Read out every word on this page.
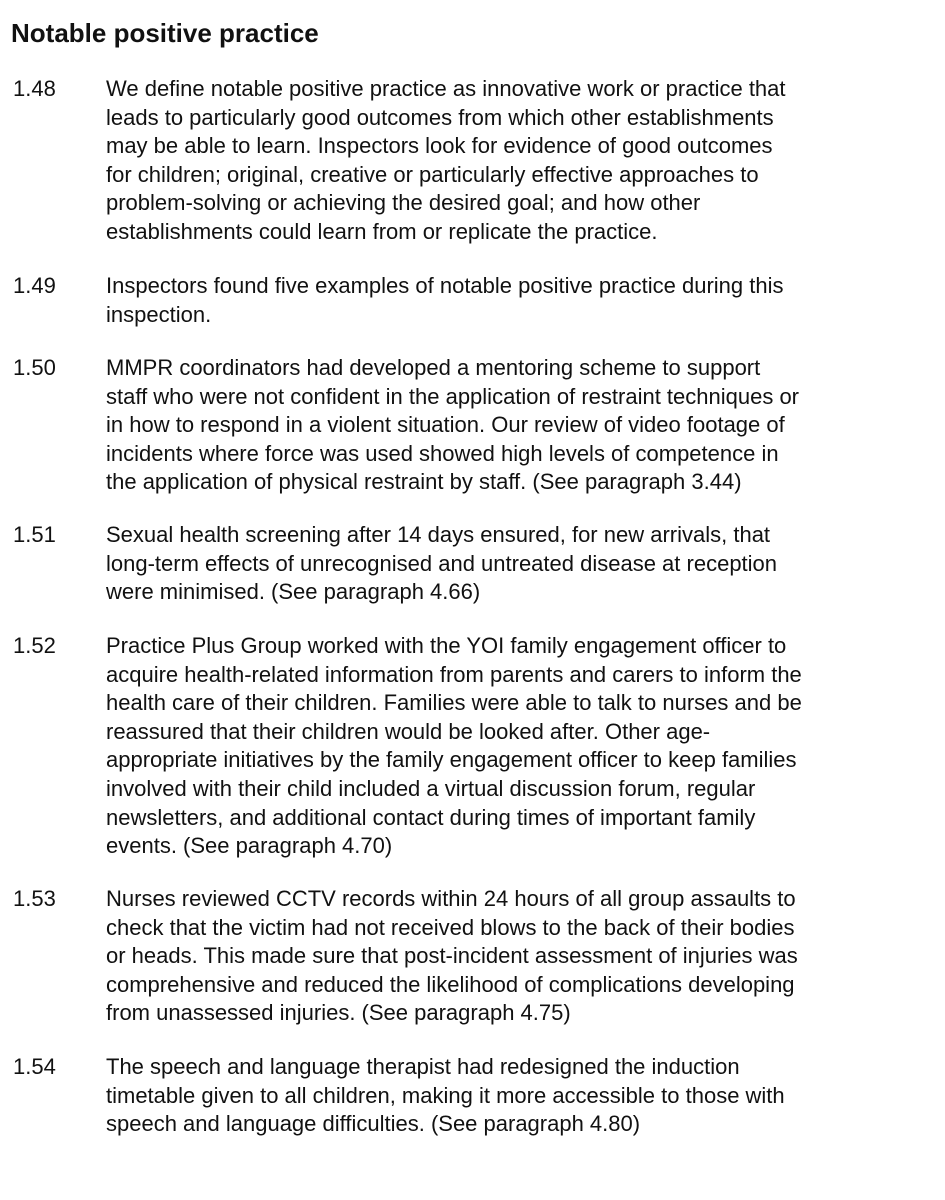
Notable positive practice
1.48 We define notable positive practice as innovative work or practice that
leads to particularly good outcomes from which other establishments
may be able to learn. Inspectors look for evidence of good outcomes
for children; original, creative or particularly effective approaches to
problem-solving or achieving the desired goal; and how other
establishments could learn from or replicate the practice.
1.49 Inspectors found five examples of notable positive practice during this
inspection.
1.50 MMPR coordinators had developed a mentoring scheme to support
staff who were not confident in the application of restraint techniques or
in how to respond in a violent situation. Our review of video footage of
incidents where force was used showed high levels of competence in
the application of physical restraint by staff. (See paragraph 3.44)
1.51 Sexual health screening after 14 days ensured, for new arrivals, that
long-term effects of unrecognised and untreated disease at reception
were minimised. (See paragraph 4.66)
1.52 Practice Plus Group worked with the YOI family engagement officer to
acquire health-related information from parents and carers to inform the
health care of their children. Families were able to talk to nurses and be
reassured that their children would be looked after. Other age-
appropriate initiatives by the family engagement officer to keep families
involved with their child included a virtual discussion forum, regular
newsletters, and additional contact during times of important family
events. (See paragraph 4.70)
1.53 Nurses reviewed CCTV records within 24 hours of all group assaults to
check that the victim had not received blows to the back of their bodies
or heads. This made sure that post-incident assessment of injuries was
comprehensive and reduced the likelihood of complications developing
from unassessed injuries. (See paragraph 4.75)
1.54 The speech and language therapist had redesigned the induction
timetable given to all children, making it more accessible to those with
speech and language difficulties. (See paragraph 4.80)
